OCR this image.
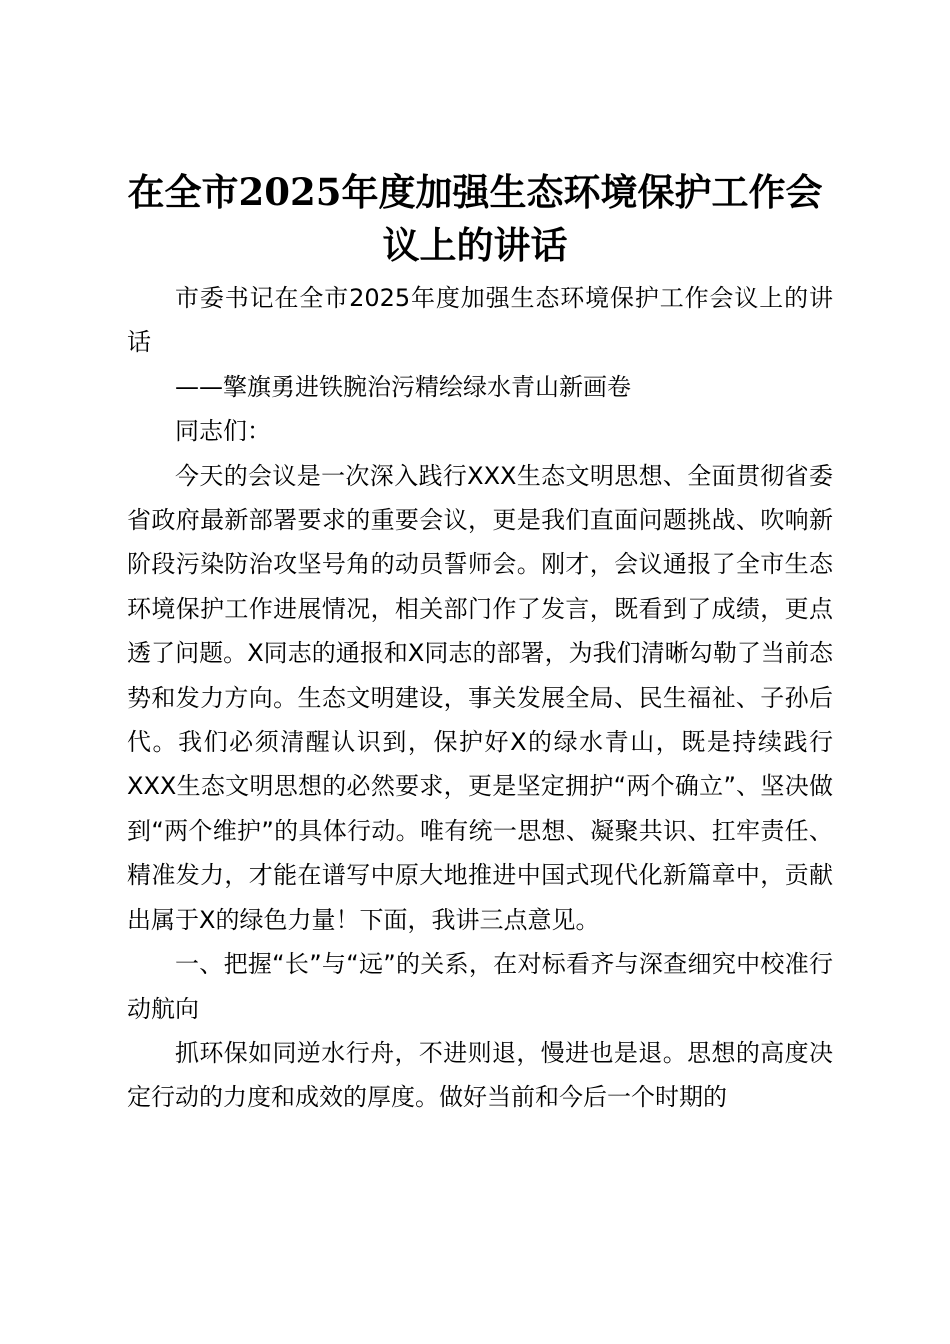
在全市2025年度加强生态环境保护工作会议上的讲话

市委书记在全市2025年度加强生态环境保护工作会议上的讲话

——擎旗勇进铁腕治污精绘绿水青山新画卷

同志们：

今天的会议是一次深入践行XXX生态文明思想、全面贯彻省委省政府最新部署要求的重要会议，更是我们直面问题挑战、吹响新阶段污染防治攻坚号角的动员誓师会。刚才，会议通报了全市生态环境保护工作进展情况，相关部门作了发言，既看到了成绩，更点透了问题。X同志的通报和X同志的部署，为我们清晰勾勒了当前态势和发力方向。生态文明建设，事关发展全局、民生福祉、子孙后代。我们必须清醒认识到，保护好X的绿水青山，既是持续践行XXX生态文明思想的必然要求，更是坚定拥护“两个确立”、坚决做到“两个维护”的具体行动。唯有统一思想、凝聚共识、扛牢责任、精准发力，才能在谱写中原大地推进中国式现代化新篇章中，贡献出属于X的绿色力量！下面，我讲三点意见。

一、把握“长”与“远”的关系，在对标看齐与深查细究中校准行动航向

抓环保如同逆水行舟，不进则退，慢进也是退。思想的高度决定行动的力度和成效的厚度。做好当前和今后一个时期的
